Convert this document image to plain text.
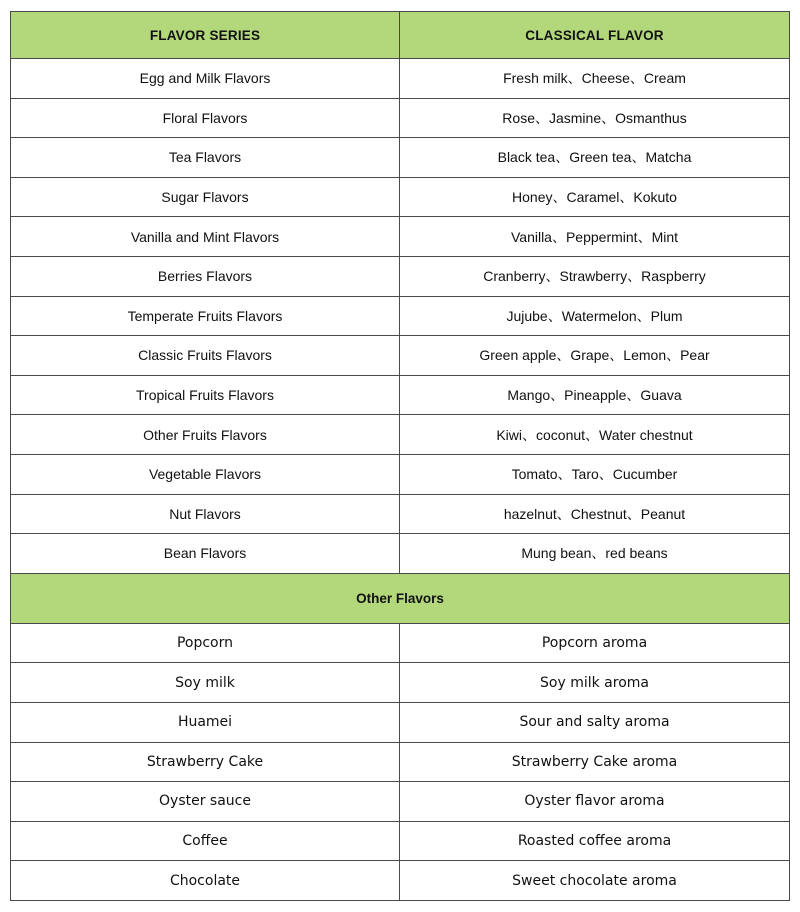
FLAVOR SERIES	CLASSICAL FLAVOR
Egg and Milk Flavors	Fresh milk、Cheese、Cream
Floral Flavors	Rose、Jasmine、Osmanthus
Tea Flavors	Black tea、Green tea、Matcha
Sugar Flavors	Honey、Caramel、Kokuto
Vanilla and Mint Flavors	Vanilla、Peppermint、Mint
Berries Flavors	Cranberry、Strawberry、Raspberry
Temperate Fruits Flavors	Jujube、Watermelon、Plum
Classic Fruits Flavors	Green apple、Grape、Lemon、Pear
Tropical Fruits Flavors	Mango、Pineapple、Guava
Other Fruits Flavors	Kiwi、coconut、Water chestnut
Vegetable Flavors	Tomato、Taro、Cucumber
Nut Flavors	hazelnut、Chestnut、Peanut
Bean Flavors	Mung bean、red beans
Other Flavors	
Popcorn	Popcorn aroma
Soy milk	Soy milk aroma
Huamei	Sour and salty aroma
Strawberry Cake	Strawberry Cake aroma
Oyster sauce	Oyster flavor aroma
Coffee	Roasted coffee aroma
Chocolate	Sweet chocolate aroma
